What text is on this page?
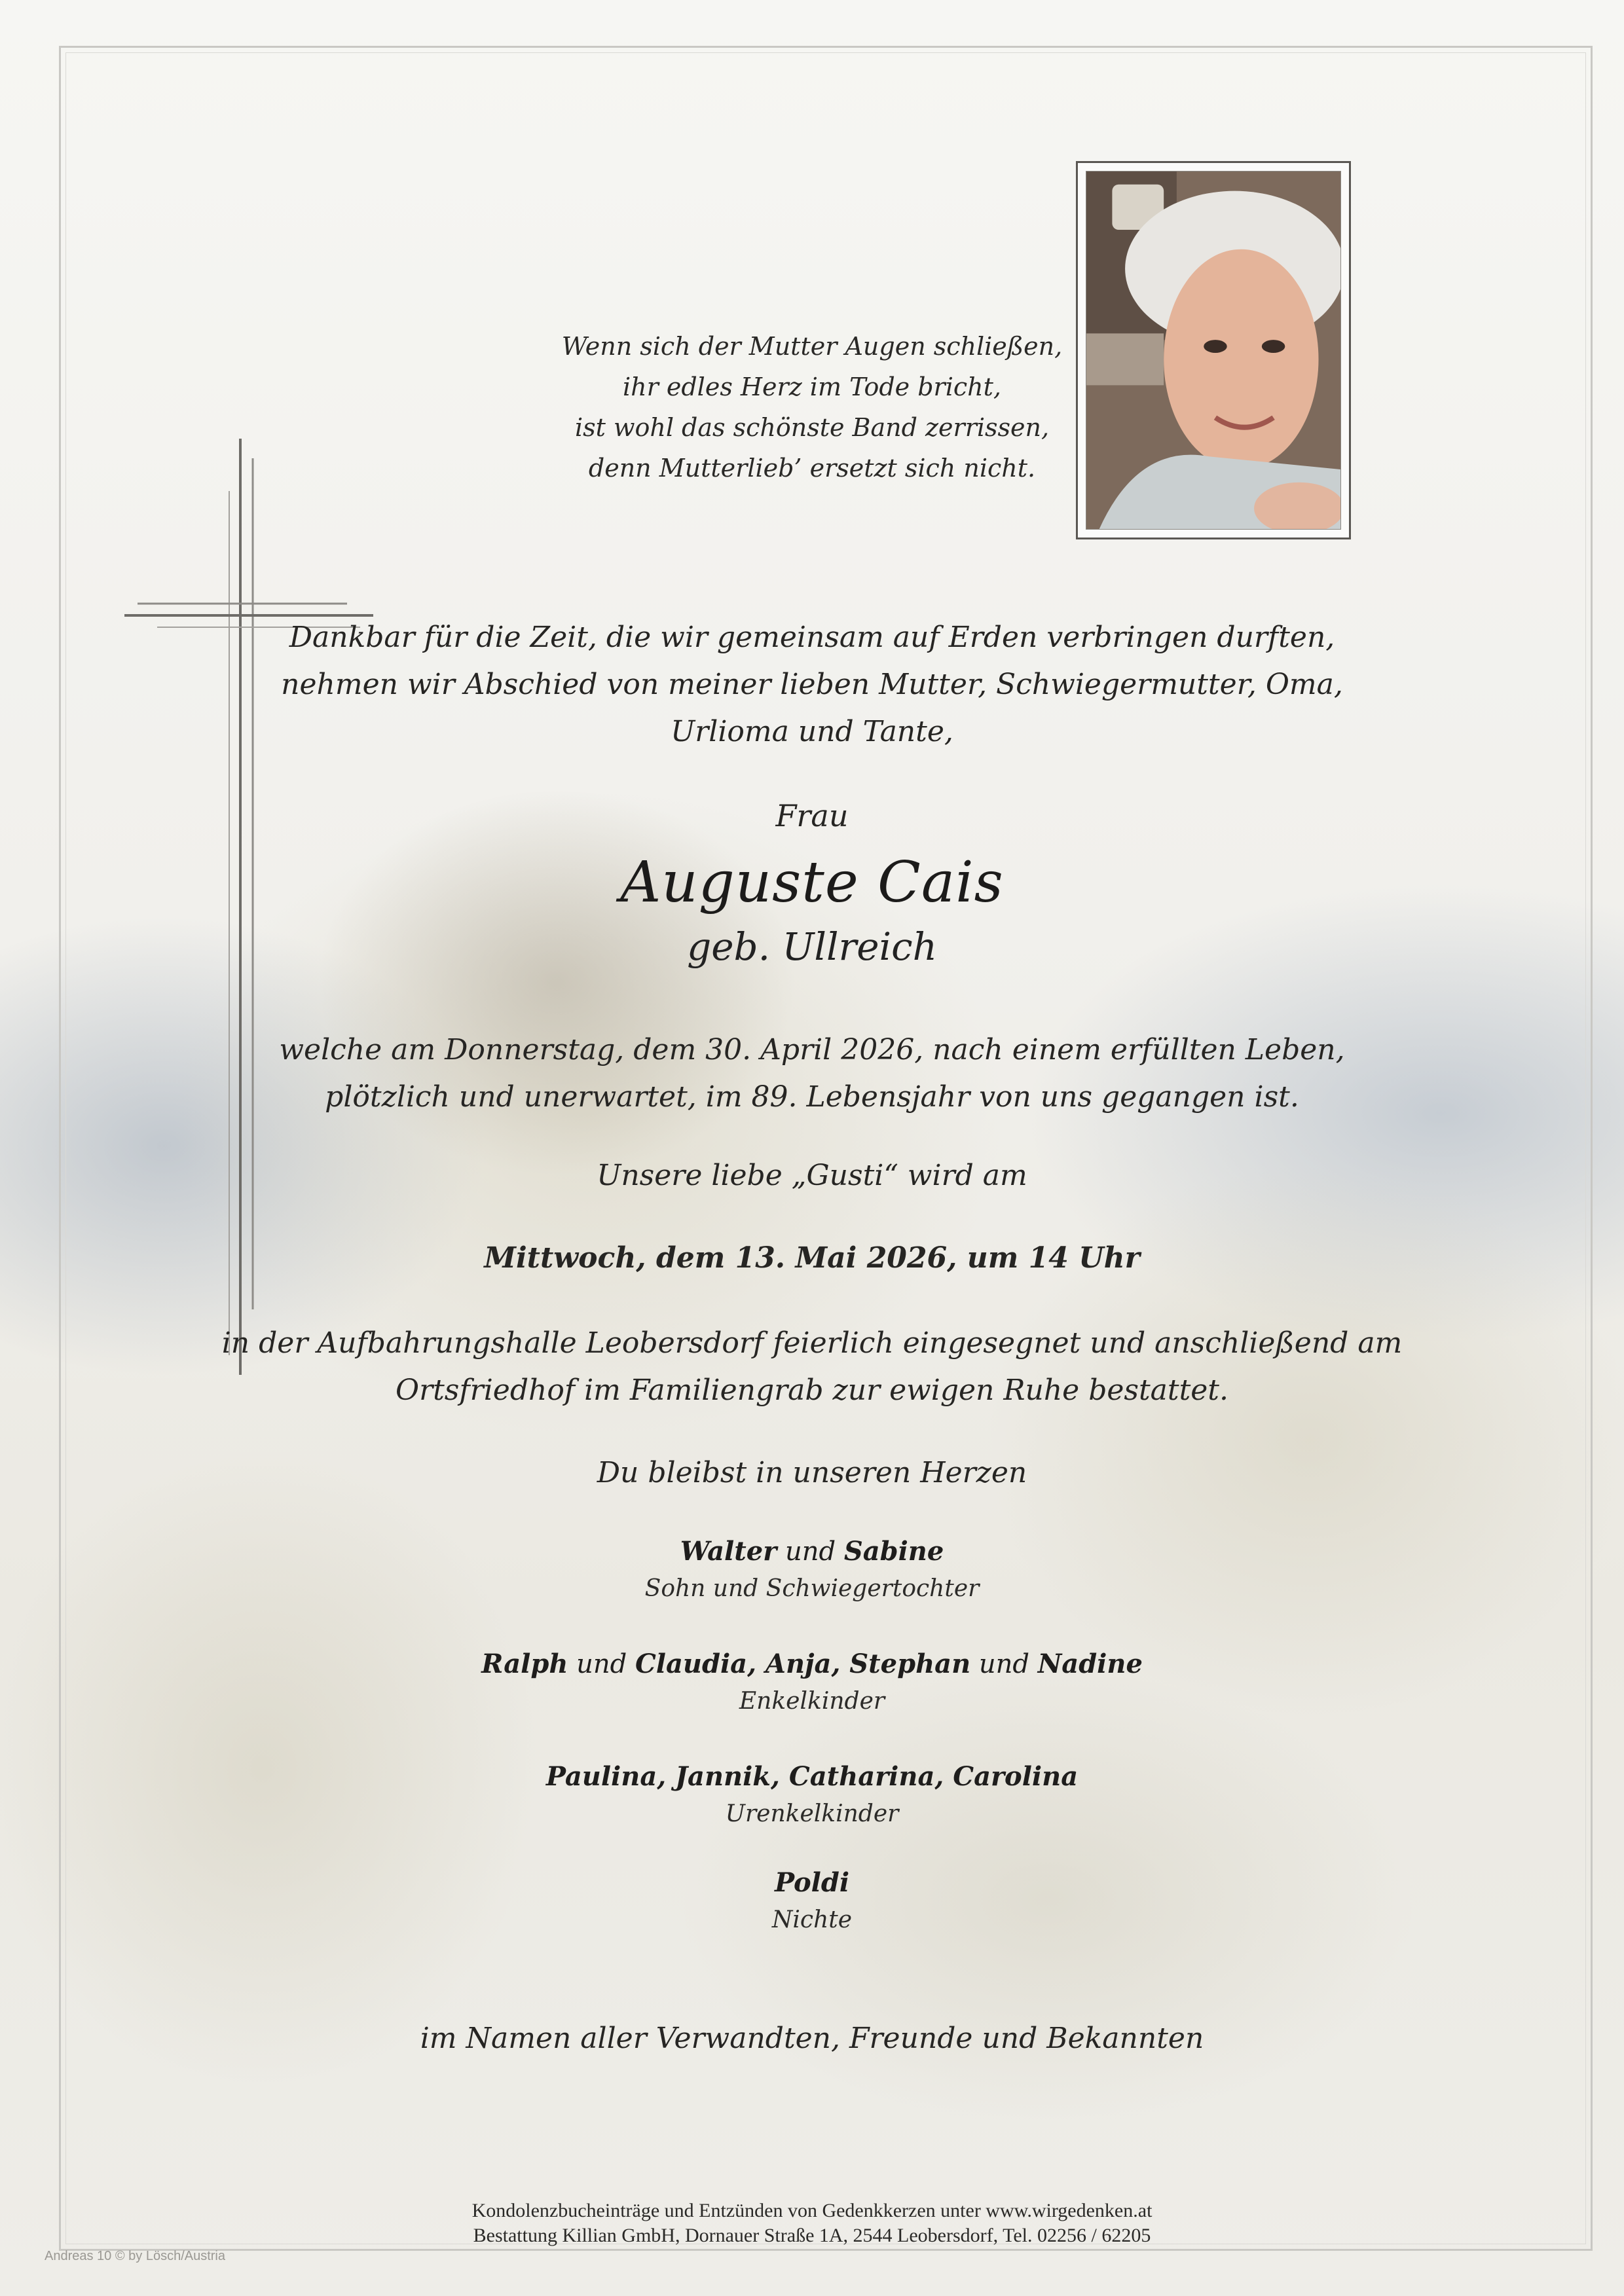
Wenn sich der Mutter Augen schließen,
ihr edles Herz im Tode bricht,
ist wohl das schönste Band zerrissen,
denn Mutterlieb’ ersetzt sich nicht.
Dankbar für die Zeit, die wir gemeinsam auf Erden verbringen durften,
nehmen wir Abschied von meiner lieben Mutter, Schwiegermutter, Oma,
Urlioma und Tante,
Frau
Auguste Cais
geb. Ullreich
welche am Donnerstag, dem 30. April 2026, nach einem erfüllten Leben,
plötzlich und unerwartet, im 89. Lebensjahr von uns gegangen ist.
Unsere liebe „Gusti“ wird am
Mittwoch, dem 13. Mai 2026, um 14 Uhr
in der Aufbahrungshalle Leobersdorf feierlich eingesegnet und anschließend am
Ortsfriedhof im Familiengrab zur ewigen Ruhe bestattet.
Du bleibst in unseren Herzen
Walter und Sabine
Sohn und Schwiegertochter
Ralph und Claudia, Anja, Stephan und Nadine
Enkelkinder
Paulina, Jannik, Catharina, Carolina
Urenkelkinder
Poldi
Nichte
im Namen aller Verwandten, Freunde und Bekannten
Kondolenzbucheinträge und Entzünden von Gedenkkerzen unter www.wirgedenken.at
Bestattung Killian GmbH, Dornauer Straße 1A, 2544 Leobersdorf, Tel. 02256 / 62205
Andreas 10 © by Lösch/Austria
